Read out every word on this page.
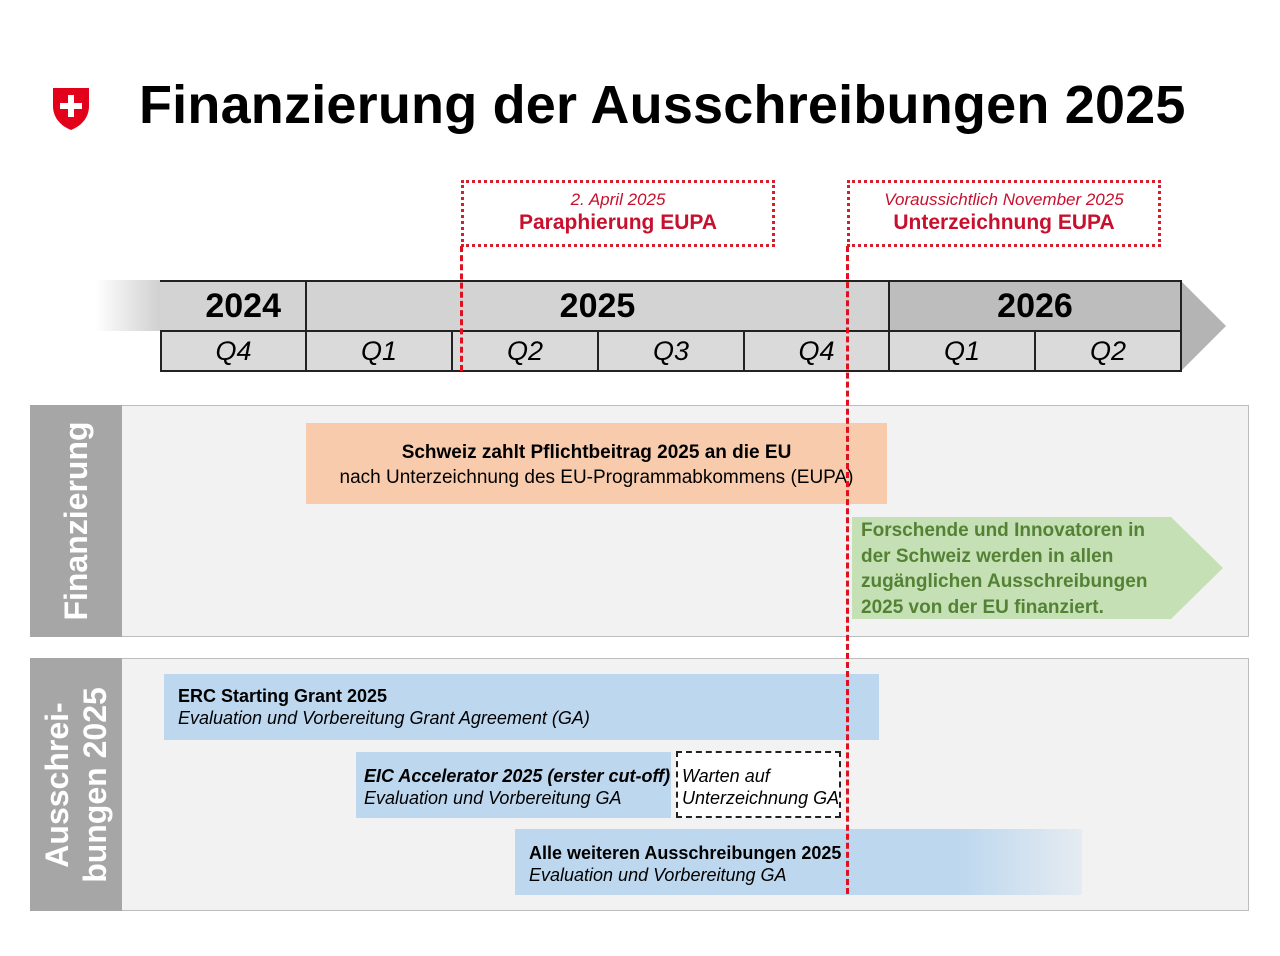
Finanzierung der Ausschreibungen 2025
2. April 2025
Paraphierung EUPA
Voraussichtlich November 2025
Unterzeichnung EUPA
2024	2025	2026
Q4	Q1	Q2	Q3	Q4	Q1	Q2
Finanzierung	Schweiz zahlt Pflichtbeitrag 2025 an die EU
nach Unterzeichnung des EU-Programmabkommens (EUPA)
Forschende und Innovatoren in
der Schweiz werden in allen
zugänglichen Ausschreibungen
2025 von der EU finanziert.
Ausschrei- bungen 2025	ERC Starting Grant 2025
Evaluation und Vorbereitung Grant Agreement (GA)
EIC Accelerator 2025 (erster cut-off)
Evaluation und Vorbereitung GA
Warten auf
Unterzeichnung GA
Alle weiteren Ausschreibungen 2025
Evaluation und Vorbereitung GA
